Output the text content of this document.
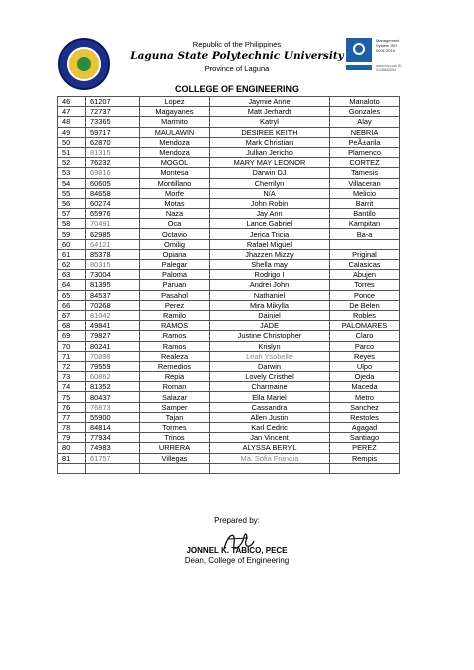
Republic of the Philippines
Laguna State Polytechnic University
Province of Laguna
Management System ISO 9001:2015
www.tuv.com ID 9108683054
COLLEGE OF ENGINEERING
46	61207	Lopez	Jaymie Anne	Manaloto
47	72737	Magayanes	Matt Jerhardt	Gonzales
48	73365	Marmito	Katryl	Alay
49	59717	MAULAWIN	DESIREE KEITH	NEBRIA
50	62870	Mendoza	Mark Christian	PeÃ±arila
51	81315	Mendoza	Jullian Jericho	Plamenco
52	76232	MOGOL	MARY MAY LEONOR	CORTEZ
53	69816	Montesa	Darwin DJ	Tamesis
54	60605	Montillano	Cherrilyn	Villaceran
55	84658	Morfe	N/A	Melicio
56	60274	Motas	John Robin	Barrit
57	65976	Naza	Jay Ann	Bantilo
58	70491	Oca	Lance Gabriel	Kampitan
59	62985	Octavio	Jerica Tricia	Ba-a
60	64121	Omilig	Rafael Miguel	
61	85378	Opiana	Jhazzen Mizzy	Priginal
62	80315	Palegar	Shella may	Calasicas
63	73004	Paloma	Rodrigo I	Abujen
64	81395	Paruan	Andrei John	Torres
65	84537	Pasahol	Nathaniel	Ponce
66	70268	Perez	Mira Mikylla	De Belen
67	81042	Ramilo	Dainiel	Robles
68	49841	RAMOS	JADE	PALOMARES
69	79827	Ramos	Justine Christopher	Claro
70	80241	Ramos	Krislyn	Parco
71	70898	Realeza	Leah Ysobelle	Reyes
72	79559	Remedios	Darwin	Ulpo
73	60862	Repia	Lovely Cristhel	Ojeda
74	81352	Roman	Charmaine	Maceda
75	80437	Salazar	Ella Mariel	Metro
76	76873	Samper	Cassandra	Sanchez
77	55900	Tajan	Allen Justin	Restoles
78	84814	Tormes	Karl Cedric	Agagad
79	77934	Trinos	Jan Vincent	Santiago
80	74983	URRERA	ALYSSA BERYL	PEREZ
81	61757	Villegas	Ma. Sofia Francia	Rempis

Prepared by:
JONNEL K. TABICO, PECE
Dean, College of Engineering
